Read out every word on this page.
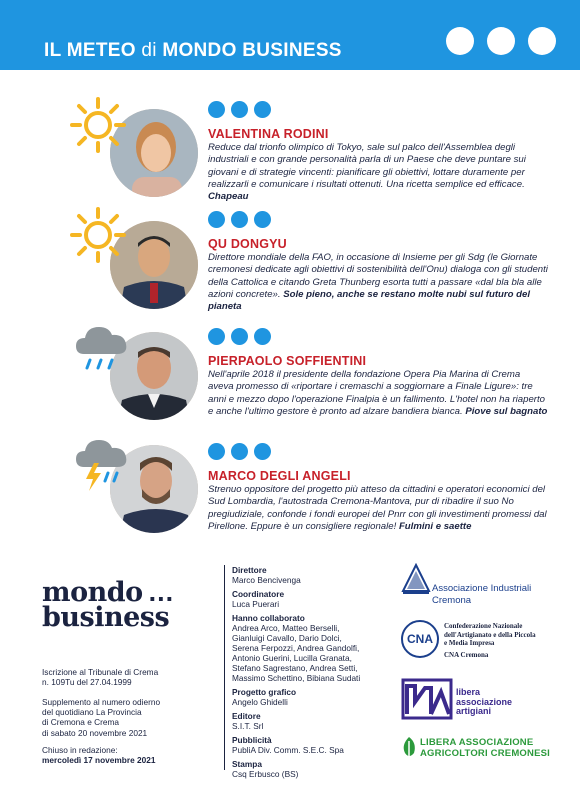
IL METEO di MONDO BUSINESS
VALENTINA RODINI
Reduce dal trionfo olimpico di Tokyo, sale sul palco dell'Assemblea degli industriali e con grande personalità parla di un Paese che deve puntare sui giovani e di strategie vincenti: pianificare gli obiettivi, lottare duramente per realizzarli e comunicare i risultati ottenuti. Una ricetta semplice ed efficace. Chapeau
QU DONGYU
Direttore mondiale della FAO, in occasione di Insieme per gli Sdg (le Giornate cremonesi dedicate agli obiettivi di sostenibilità dell'Onu) dialoga con gli studenti della Cattolica e citando Greta Thunberg esorta tutti a passare «dal bla bla alle azioni concrete». Sole pieno, anche se restano molte nubi sul futuro del pianeta
PIERPAOLO SOFFIENTINI
Nell'aprile 2018 il presidente della fondazione Opera Pia Marina di Crema aveva promesso di «riportare i cremaschi a soggiornare a Finale Ligure»: tre anni e mezzo dopo l'operazione Finalpia è un fallimento. L'hotel non ha riaperto e anche l'ultimo gestore è pronto ad alzare bandiera bianca. Piove sul bagnato
MARCO DEGLI ANGELI
Strenuo oppositore del progetto più atteso da cittadini e operatori economici del Sud Lombardia, l'autostrada Cremona-Mantova, pur di ribadire il suo No pregiudiziale, confonde i fondi europei del Pnrr con gli investimenti promessi dal Pirellone. Eppure è un consigliere regionale! Fulmini e saette
mondo ...
business
Iscrizione al Tribunale di Crema
n. 109Tu del 27.04.1999
Supplemento al numero odierno
del quotidiano La Provincia
di Cremona e Crema
di sabato 20 novembre 2021
Chiuso in redazione:
mercoledì 17 novembre 2021
Direttore
Marco Bencivenga
Coordinatore
Luca Puerari
Hanno collaborato
Andrea Arco, Matteo Berselli,
Gianluigi Cavallo, Dario Dolci,
Serena Ferpozzi, Andrea Gandolfi,
Antonio Guerini, Lucilla Granata,
Stefano Sagrestano, Andrea Setti,
Massimo Schettino, Bibiana Sudati
Progetto grafico
Angelo Ghidelli
Editore
S.I.T. Srl
Pubblicità
PubliA Div. Comm. S.E.C. Spa
Stampa
Csq Erbusco (BS)
Associazione Industriali
Cremona
CNA
Confederazione Nazionale
dell'Artigianato e della Piccola
e Media Impresa
CNA Cremona
libera
associazione
artigiani
LIBERA ASSOCIAZIONE
AGRICOLTORI CREMONESI
